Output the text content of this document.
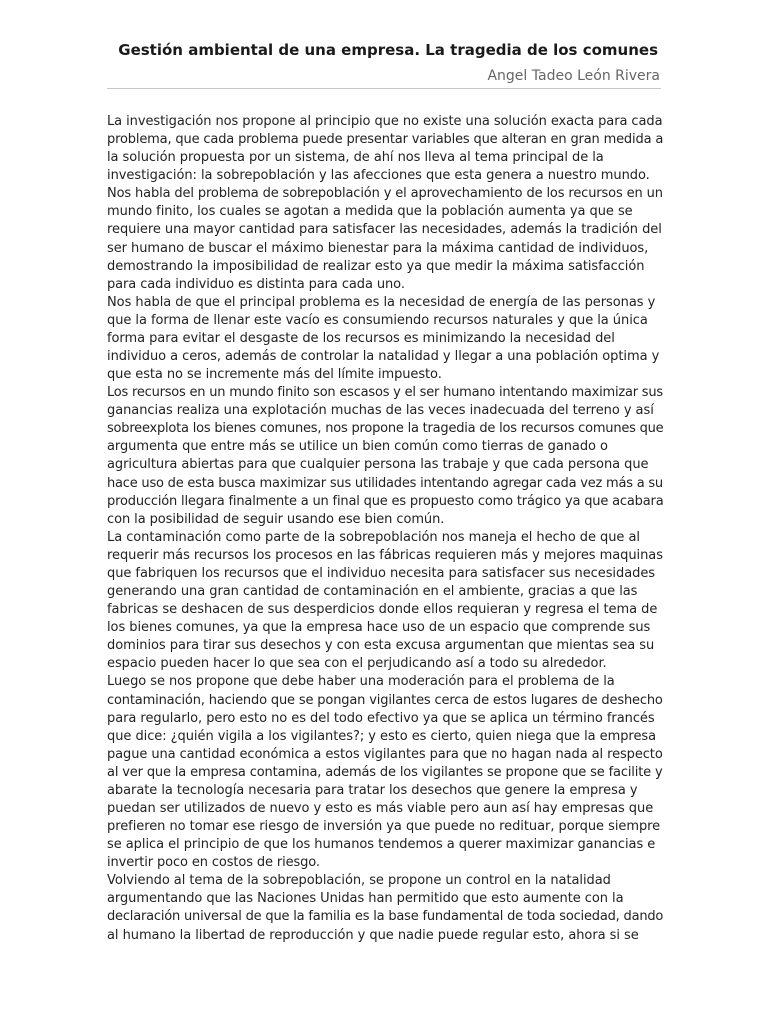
Gestión ambiental de una empresa. La tragedia de los comunes
Angel Tadeo León Rivera

La investigación nos propone al principio que no existe una solución exacta para cada
problema, que cada problema puede presentar variables que alteran en gran medida a
la solución propuesta por un sistema, de ahí nos lleva al tema principal de la
investigación: la sobrepoblación y las afecciones que esta genera a nuestro mundo.

Nos habla del problema de sobrepoblación y el aprovechamiento de los recursos en un
mundo finito, los cuales se agotan a medida que la población aumenta ya que se
requiere una mayor cantidad para satisfacer las necesidades, además la tradición del
ser humano de buscar el máximo bienestar para la máxima cantidad de individuos,
demostrando la imposibilidad de realizar esto ya que medir la máxima satisfacción
para cada individuo es distinta para cada uno.

Nos habla de que el principal problema es la necesidad de energía de las personas y
que la forma de llenar este vacío es consumiendo recursos naturales y que la única
forma para evitar el desgaste de los recursos es minimizando la necesidad del
individuo a ceros, además de controlar la natalidad y llegar a una población optima y
que esta no se incremente más del límite impuesto.

Los recursos en un mundo finito son escasos y el ser humano intentando maximizar sus
ganancias realiza una explotación muchas de las veces inadecuada del terreno y así
sobreexplota los bienes comunes, nos propone la tragedia de los recursos comunes que
argumenta que entre más se utilice un bien común como tierras de ganado o
agricultura abiertas para que cualquier persona las trabaje y que cada persona que
hace uso de esta busca maximizar sus utilidades intentando agregar cada vez más a su
producción llegara finalmente a un final que es propuesto como trágico ya que acabara
con la posibilidad de seguir usando ese bien común.

La contaminación como parte de la sobrepoblación nos maneja el hecho de que al
requerir más recursos los procesos en las fábricas requieren más y mejores maquinas
que fabriquen los recursos que el individuo necesita para satisfacer sus necesidades
generando una gran cantidad de contaminación en el ambiente, gracias a que las
fabricas se deshacen de sus desperdicios donde ellos requieran y regresa el tema de
los bienes comunes, ya que la empresa hace uso de un espacio que comprende sus
dominios para tirar sus desechos y con esta excusa argumentan que mientas sea su
espacio pueden hacer lo que sea con el perjudicando así a todo su alrededor.

Luego se nos propone que debe haber una moderación para el problema de la
contaminación, haciendo que se pongan vigilantes cerca de estos lugares de deshecho
para regularlo, pero esto no es del todo efectivo ya que se aplica un término francés
que dice: ¿quién vigila a los vigilantes?; y esto es cierto, quien niega que la empresa
pague una cantidad económica a estos vigilantes para que no hagan nada al respecto
al ver que la empresa contamina, además de los vigilantes se propone que se facilite y
abarate la tecnología necesaria para tratar los desechos que genere la empresa y
puedan ser utilizados de nuevo y esto es más viable pero aun así hay empresas que
prefieren no tomar ese riesgo de inversión ya que puede no redituar, porque siempre
se aplica el principio de que los humanos tendemos a querer maximizar ganancias e
invertir poco en costos de riesgo.

Volviendo al tema de la sobrepoblación, se propone un control en la natalidad
argumentando que las Naciones Unidas han permitido que esto aumente con la
declaración universal de que la familia es la base fundamental de toda sociedad, dando
al humano la libertad de reproducción y que nadie puede regular esto, ahora si se
